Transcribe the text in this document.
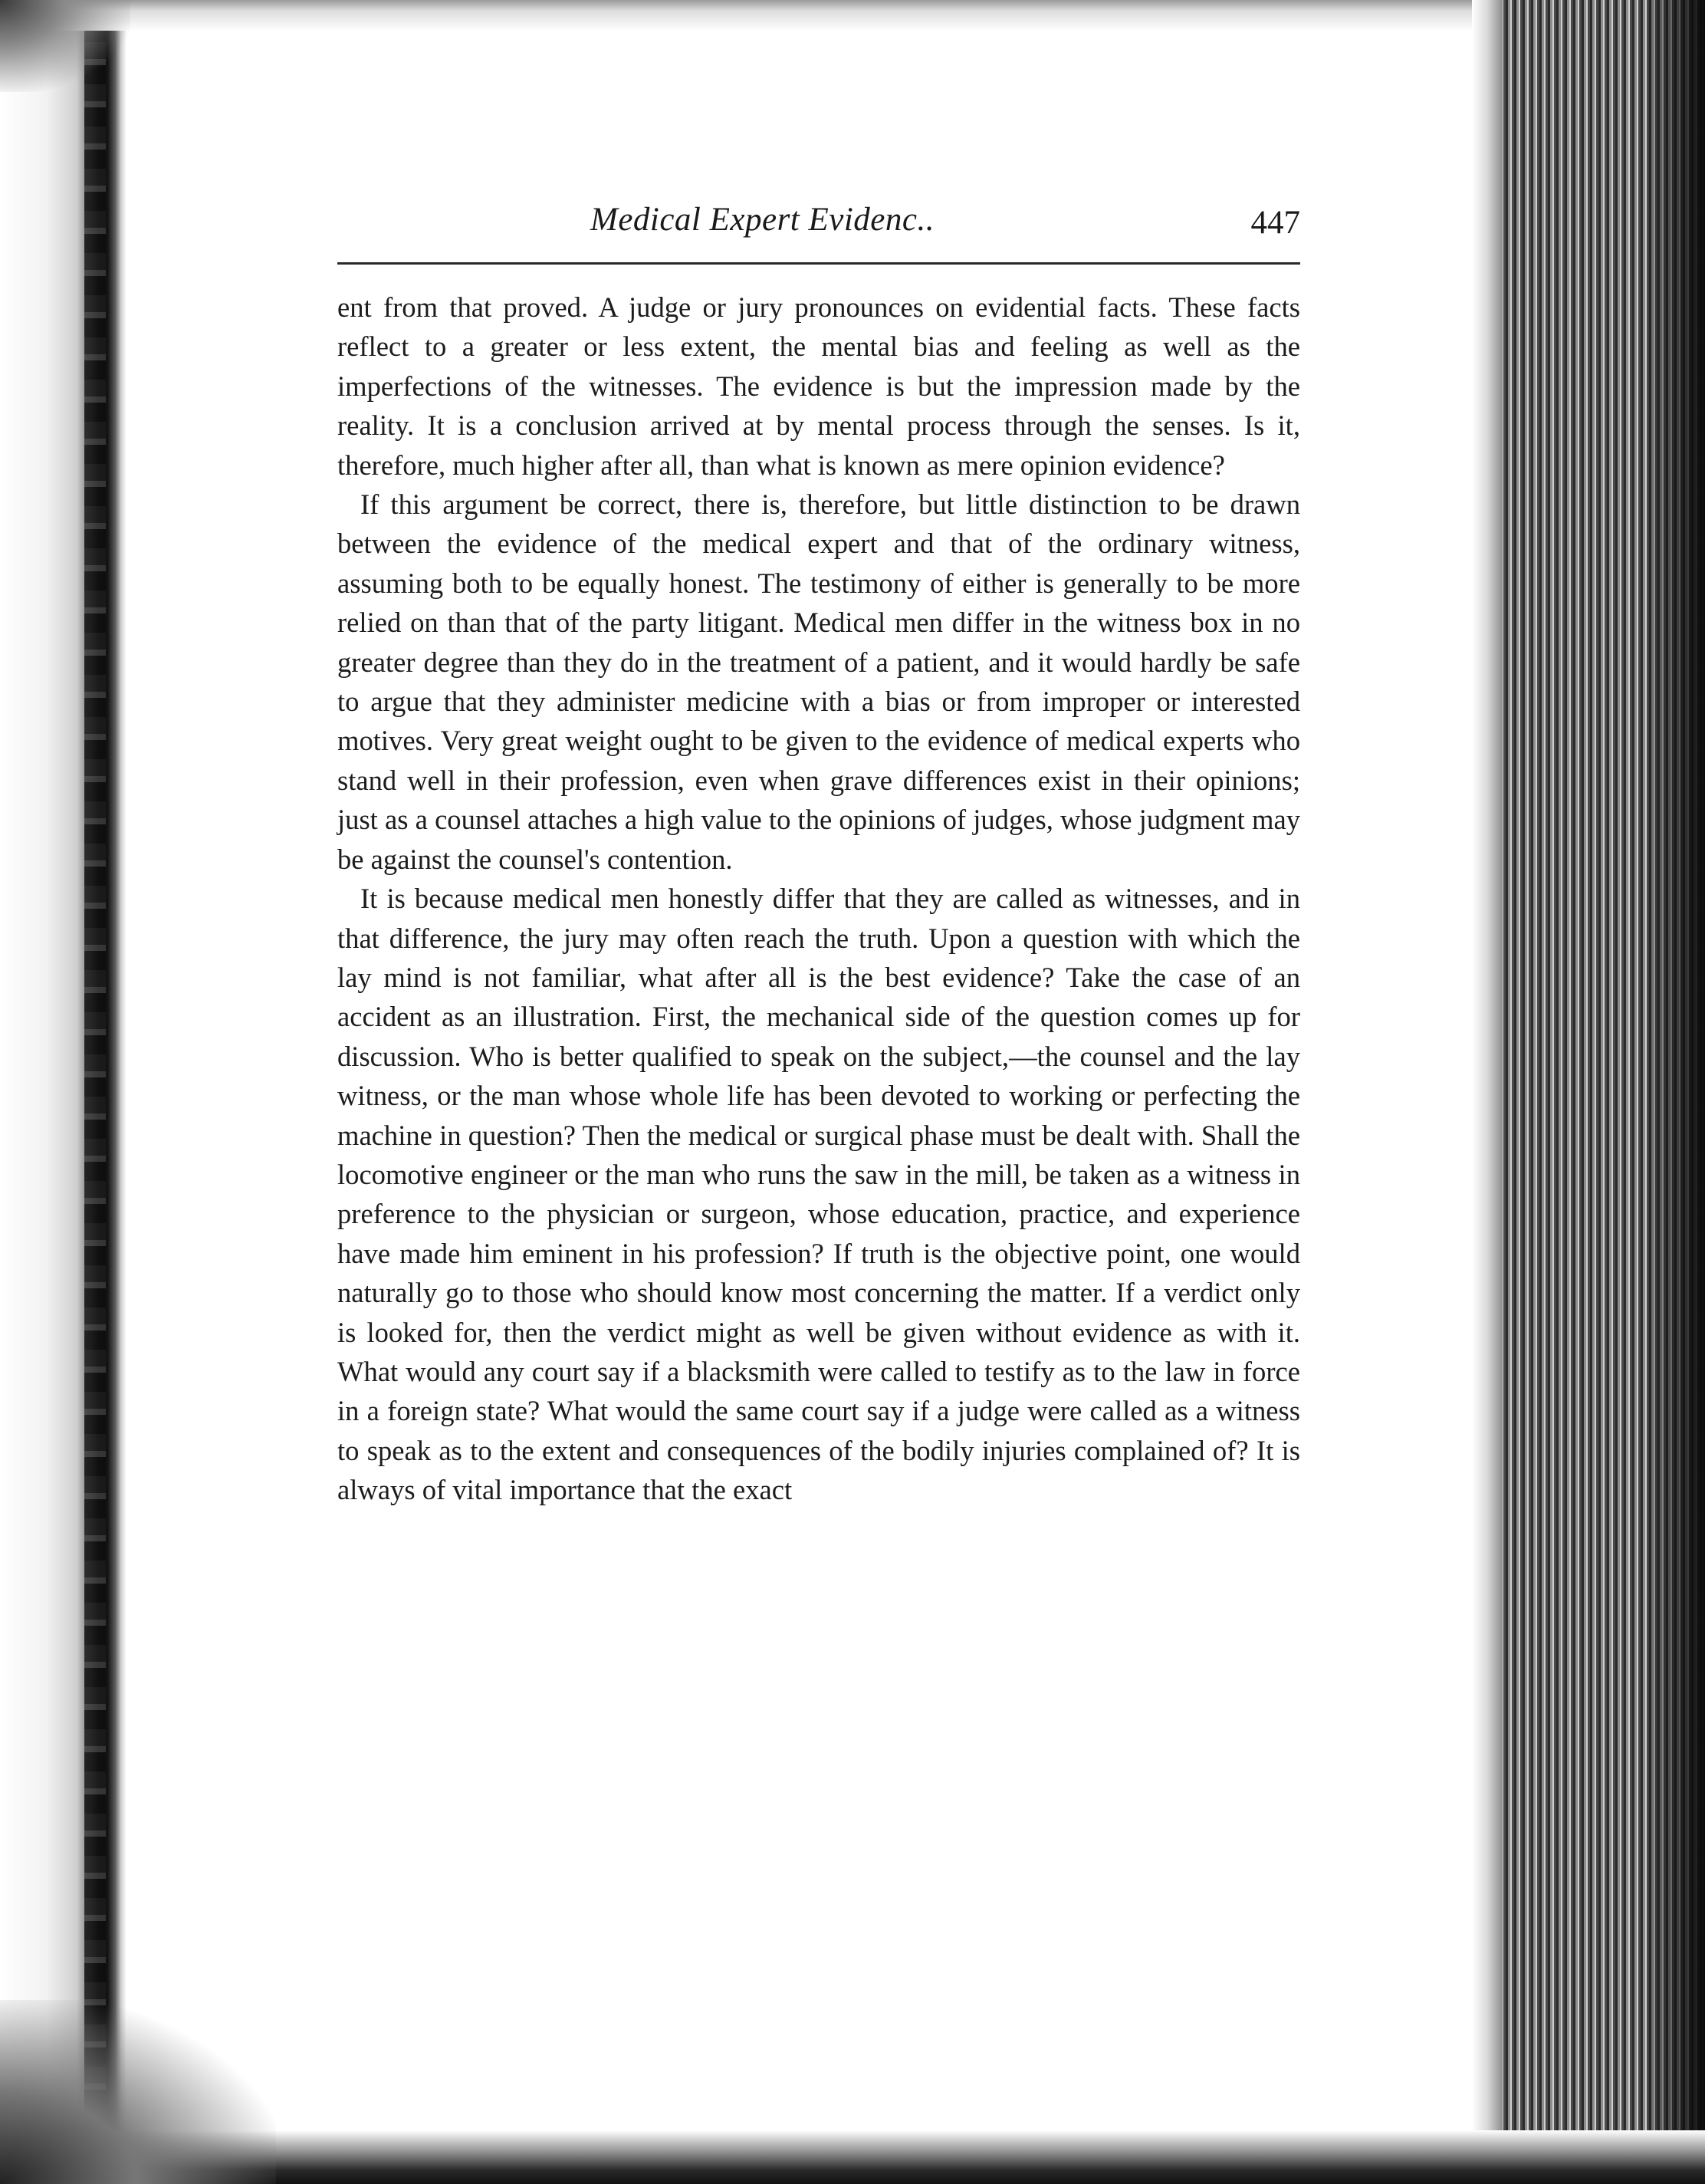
Medical Expert Evidenc..	447

ent from that proved. A judge or jury pronounces on evidential facts. These facts reflect to a greater or less extent, the mental bias and feeling as well as the imperfections of the witnesses. The evidence is but the impression made by the reality. It is a conclusion arrived at by mental process through the senses. Is it, therefore, much higher after all, than what is known as mere opinion evidence?

If this argument be correct, there is, therefore, but little distinction to be drawn between the evidence of the medical expert and that of the ordinary witness, assuming both to be equally honest. The testimony of either is generally to be more relied on than that of the party litigant. Medical men differ in the witness box in no greater degree than they do in the treatment of a patient, and it would hardly be safe to argue that they administer medicine with a bias or from improper or interested motives. Very great weight ought to be given to the evidence of medical experts who stand well in their profession, even when grave differences exist in their opinions; just as a counsel attaches a high value to the opinions of judges, whose judgment may be against the counsel's contention.

It is because medical men honestly differ that they are called as witnesses, and in that difference, the jury may often reach the truth. Upon a question with which the lay mind is not familiar, what after all is the best evidence? Take the case of an accident as an illustration. First, the mechanical side of the question comes up for discussion. Who is better qualified to speak on the subject,—the counsel and the lay witness, or the man whose whole life has been devoted to working or perfecting the machine in question? Then the medical or surgical phase must be dealt with. Shall the locomotive engineer or the man who runs the saw in the mill, be taken as a witness in preference to the physician or surgeon, whose education, practice, and experience have made him eminent in his profession? If truth is the objective point, one would naturally go to those who should know most concerning the matter. If a verdict only is looked for, then the verdict might as well be given without evidence as with it. What would any court say if a blacksmith were called to testify as to the law in force in a foreign state? What would the same court say if a judge were called as a witness to speak as to the extent and consequences of the bodily injuries complained of? It is always of vital importance that the exact
